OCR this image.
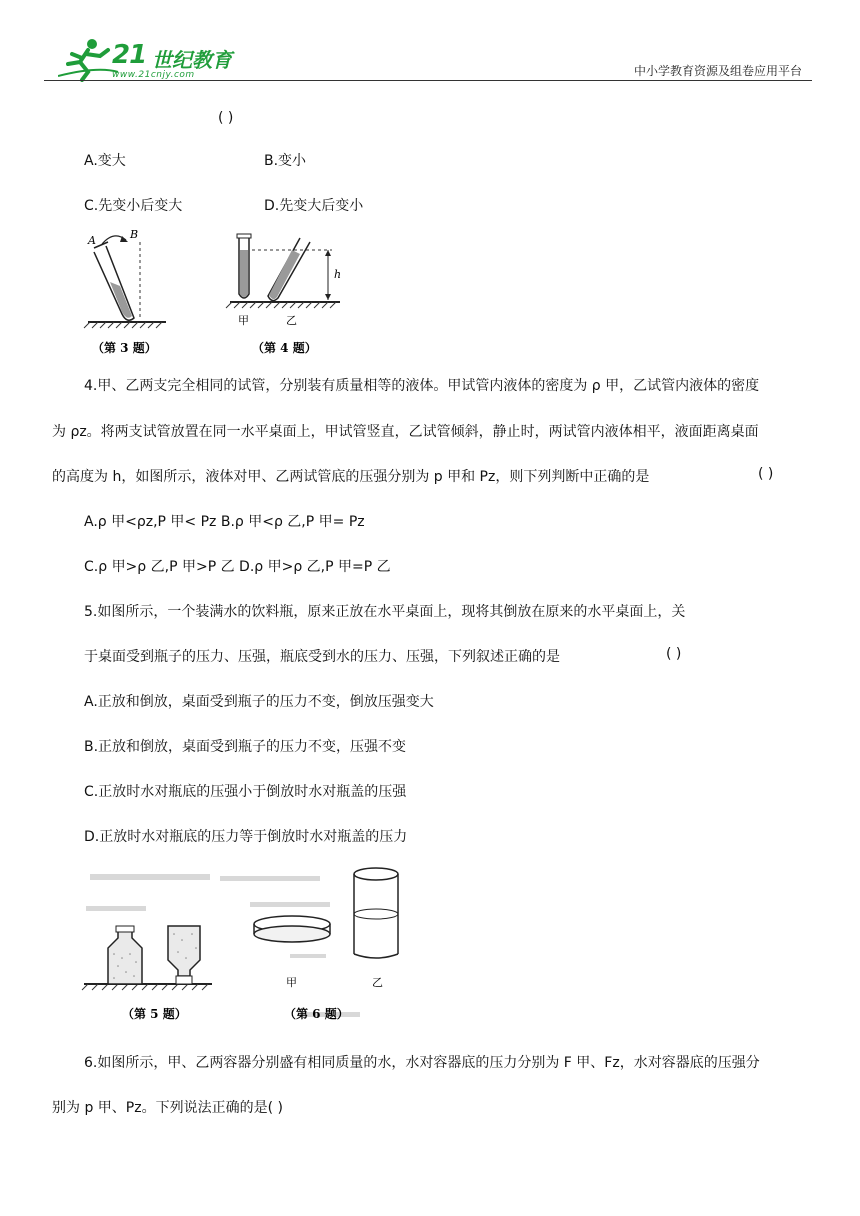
21 世纪教育
www.21cnjy.com	中小学教育资源及组卷应用平台
( )
A.变大	B.变小
C.先变小后变大	D.先变大后变小
A	B
h
甲	乙
（第 3 题）	（第 4 题）
4.甲、乙两支完全相同的试管，分别装有质量相等的液体。甲试管内液体的密度为 ρ 甲，乙试管内液体的密度
为 ρz。将两支试管放置在同一水平桌面上，甲试管竖直，乙试管倾斜，静止时，两试管内液体相平，液面距离桌面
的高度为 h，如图所示，液体对甲、乙两试管底的压强分别为 p 甲和 Pz，则下列判断中正确的是	( )
A.ρ 甲<ρz,P 甲< Pz B.ρ 甲<ρ 乙,P 甲= Pz
C.ρ 甲>ρ 乙,P 甲>P 乙 D.ρ 甲>ρ 乙,P 甲=P 乙
5.如图所示，一个装满水的饮料瓶，原来正放在水平桌面上，现将其倒放在原来的水平桌面上，关
于桌面受到瓶子的压力、压强，瓶底受到水的压力、压强，下列叙述正确的是	( )
A.正放和倒放，桌面受到瓶子的压力不变，倒放压强变大
B.正放和倒放，桌面受到瓶子的压力不变，压强不变
C.正放时水对瓶底的压强小于倒放时水对瓶盖的压强
D.正放时水对瓶底的压力等于倒放时水对瓶盖的压力
甲	乙
（第 5 题）	（第 6 题）
6.如图所示，甲、乙两容器分别盛有相同质量的水，水对容器底的压力分别为 F 甲、Fz，水对容器底的压强分
别为 p 甲、Pz。下列说法正确的是( )
